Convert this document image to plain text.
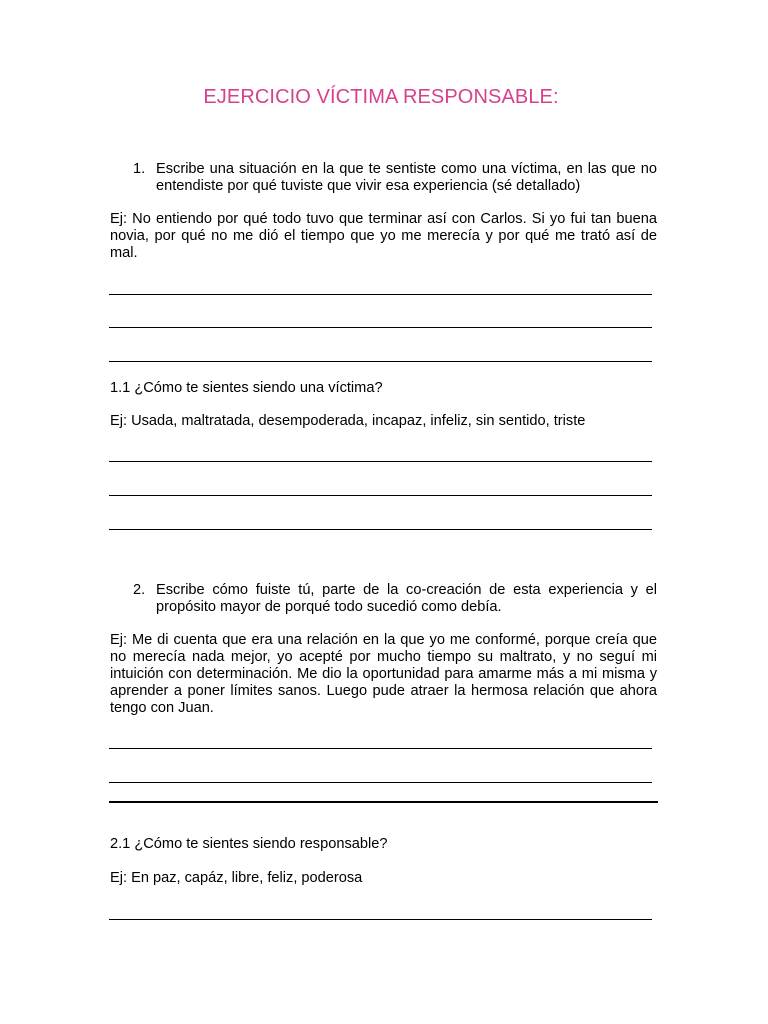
EJERCICIO VÍCTIMA RESPONSABLE:
1. Escribe una situación en la que te sentiste como una víctima, en las que no entendiste por qué tuviste que vivir esa experiencia (sé detallado)
Ej: No entiendo por qué todo tuvo que terminar así con Carlos. Si yo fui tan buena novia, por qué no me dió el tiempo que yo me merecía y por qué me trató así de mal.
1.1 ¿Cómo te sientes siendo una víctima?
Ej: Usada, maltratada, desempoderada, incapaz, infeliz, sin sentido, triste
2. Escribe cómo fuiste tú, parte de la co-creación de esta experiencia y el propósito mayor de porqué todo sucedió como debía.
Ej: Me di cuenta que era una relación en la que yo me conformé, porque creía que no merecía nada mejor, yo acepté por mucho tiempo su maltrato, y no seguí mi intuición con determinación. Me dio la oportunidad para amarme más a mi misma y aprender a poner límites sanos. Luego pude atraer la hermosa relación que ahora tengo con Juan.
2.1 ¿Cómo te sientes siendo responsable?
Ej: En paz, capáz, libre, feliz, poderosa
